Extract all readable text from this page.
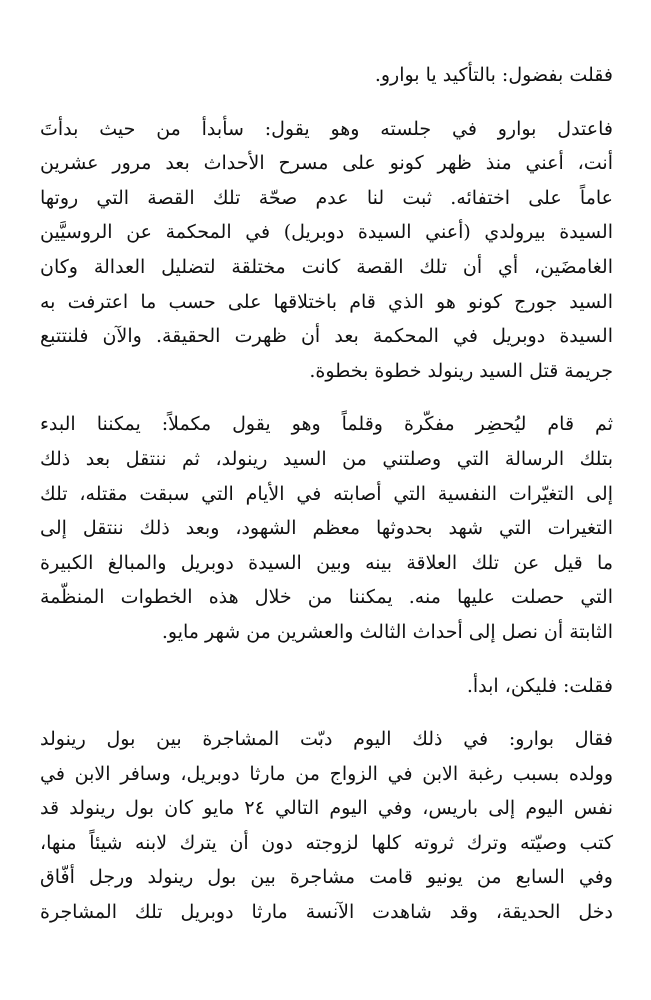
فقلت بفضول: بالتأكيد يا بوارو.

فاعتدل بوارو في جلسته وهو يقول: سأبدأ من حيث بدأتَ
أنت، أعني منذ ظهر كونو على مسرح الأحداث بعد مرور عشرين
عاماً على اختفائه. ثبت لنا عدم صحّة تلك القصة التي روتها
السيدة بيرولدي (أعني السيدة دوبريل) في المحكمة عن الروسيَّين
الغامضَين، أي أن تلك القصة كانت مختلقة لتضليل العدالة وكان
السيد جورج كونو هو الذي قام باختلاقها على حسب ما اعترفت به
السيدة دوبريل في المحكمة بعد أن ظهرت الحقيقة. والآن فلنتتبع
جريمة قتل السيد رينولد خطوة بخطوة.

ثم قام ليُحضِر مفكّرة وقلماً وهو يقول مكملاً: يمكننا البدء
بتلك الرسالة التي وصلتني من السيد رينولد، ثم ننتقل بعد ذلك
إلى التغيّرات النفسية التي أصابته في الأيام التي سبقت مقتله، تلك
التغيرات التي شهد بحدوثها معظم الشهود، وبعد ذلك ننتقل إلى
ما قيل عن تلك العلاقة بينه وبين السيدة دوبريل والمبالغ الكبيرة
التي حصلت عليها منه. يمكننا من خلال هذه الخطوات المنظّمة
الثابتة أن نصل إلى أحداث الثالث والعشرين من شهر مايو.

فقلت: فليكن، ابدأ.

فقال بوارو: في ذلك اليوم دبّت المشاجرة بين بول رينولد
وولده بسبب رغبة الابن في الزواج من مارثا دوبريل، وسافر الابن في
نفس اليوم إلى باريس، وفي اليوم التالي ٢٤ مايو كان بول رينولد قد
كتب وصيّته وترك ثروته كلها لزوجته دون أن يترك لابنه شيئاً منها،
وفي السابع من يونيو قامت مشاجرة بين بول رينولد ورجل أفّاق
دخل الحديقة، وقد شاهدت الآنسة مارثا دوبريل تلك المشاجرة
